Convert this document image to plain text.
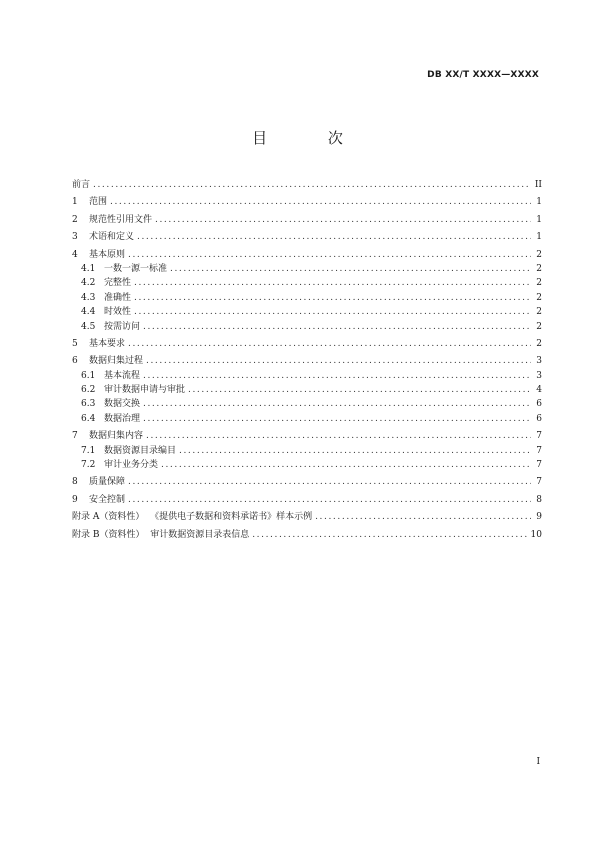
DB XX/T XXXX—XXXX
目 次
前言 .....	II
1	范围 .....	1
2	规范性引用文件 .....	1
3	术语和定义 .....	1
4	基本原则 .....	2
4.1 一数一源一标准 .....	2
4.2 完整性 .....	2
4.3 准确性 .....	2
4.4 时效性 .....	2
4.5 按需访问 .....	2
5	基本要求 .....	2
6	数据归集过程 .....	3
6.1 基本流程 .....	3
6.2 审计数据申请与审批 .....	4
6.3 数据交换 .....	6
6.4 数据治理 .....	6
7	数据归集内容 .....	7
7.1 数据资源目录编目 .....	7
7.2 审计业务分类 .....	7
8	质量保障 .....	7
9	安全控制 .....	8
附录 A（资料性）  《提供电子数据和资料承诺书》样本示例 .....	9
附录 B（资料性）  审计数据资源目录表信息 .....	10
I
